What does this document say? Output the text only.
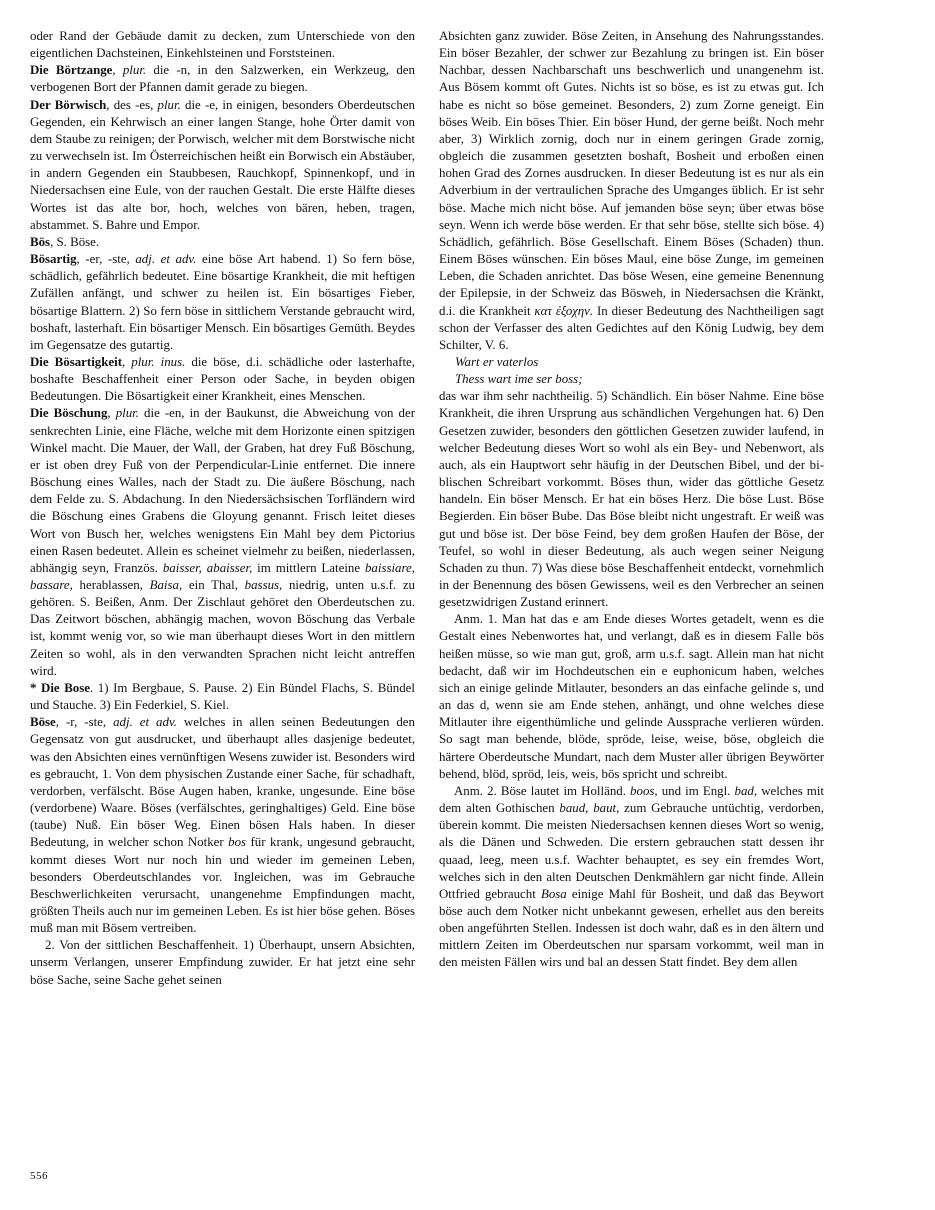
oder Rand der Gebäude damit zu decken, zum Unterschiede von den eigentlichen Dachsteinen, Einkehlsteinen und Forststeinen.

Die Börtzange, plur. die -n, in den Salzwerken, ein Werkzeug, den verbogenen Bort der Pfannen damit gerade zu biegen.

Der Börwisch, des -es, plur. die -e, in einigen, besonders Oberdeutschen Gegenden, ein Kehrwisch an einer langen Stange, hohe Örter damit von dem Staube zu reinigen; der Porwisch, welcher mit dem Borstwische nicht zu verwechseln ist. Im Österreichischen heißt ein Borwisch ein Abstäuber, in andern Gegenden ein Staubbesen, Rauchkopf, Spinnenkopf, und in Niedersachsen eine Eule, von der rauchen Gestalt. Die erste Hälfte dieses Wortes ist das alte bor, hoch, welches von bären, heben, tragen, abstammet. S. Bahre und Empor.

Bös, S. Böse.

Bösartig, -er, -ste, adj. et adv. eine böse Art habend. 1) So fern böse, schädlich, gefährlich bedeutet. Eine bösartige Krankheit, die mit heftigen Zufällen anfängt, und schwer zu heilen ist. Ein bösartiges Fieber, bösartige Blattern. 2) So fern böse in sittlichem Verstande gebraucht wird, boshaft, lasterhaft. Ein bösartiger Mensch. Ein bösartiges Gemüth. Beydes im Gegensatze des gutartig.

Die Bösartigkeit, plur. inus. die böse, d.i. schädliche oder lasterhafte, boshafte Beschaffenheit einer Person oder Sache, in beyden obigen Bedeutungen. Die Bösartigkeit einer Krankheit, eines Menschen.

Die Böschung, plur. die -en, in der Baukunst, die Abweichung von der senkrechten Linie, eine Fläche, welche mit dem Horizonte einen spitzigen Winkel macht. Die Mauer, der Wall, der Graben, hat drey Fuß Böschung, er ist oben drey Fuß von der Perpendicular-Linie entfernet. Die innere Böschung eines Walles, nach der Stadt zu. Die äußere Böschung, nach dem Felde zu. S. Abdachung. In den Niedersächsischen Torfländern wird die Böschung eines Grabens die Gloyung genannt. Frisch leitet dieses Wort von Busch her, welches wenigstens Ein Mahl bey dem Pictorius einen Rasen bedeutet. Allein es scheinet vielmehr zu beißen, niederlassen, abhängig seyn, Französ. baisser, abaisser, im mittlern Lateine baissiare, bassare, herablassen, Baisa, ein Thal, bassus, niedrig, unten u.s.f. zu gehören. S. Beißen, Anm. Der Zischlaut gehöret den Oberdeutschen zu. Das Zeitwort böschen, abhängig machen, wovon Böschung das Verbale ist, kommt wenig vor, so wie man überhaupt dieses Wort in den mittlern Zeiten so wohl, als in den verwandten Sprachen nicht leicht antreffen wird.

* Die Bose. 1) Im Bergbaue, S. Pause. 2) Ein Bündel Flachs, S. Bündel und Stauche. 3) Ein Federkiel, S. Kiel.

Böse, -r, -ste, adj. et adv. welches in allen seinen Bedeutungen den Gegensatz von gut ausdrucket, und überhaupt alles dasjenige bedeutet, was den Absichten eines vernünftigen Wesens zuwider ist. Besonders wird es gebraucht, 1. Von dem physischen Zustande einer Sache, für schadhaft, verdorben, verfälscht. Böse Augen haben, kranke, ungesunde. Eine böse (verdorbene) Waare. Böses (verfälschtes, geringhaltiges) Geld. Eine böse (taube) Nuß. Ein böser Weg. Einen bösen Hals haben. In dieser Bedeutung, in welcher schon Notker bos für krank, ungesund gebraucht, kommt dieses Wort nur noch hin und wieder im gemeinen Leben, besonders Oberdeutschlandes vor. Ingleichen, was im Gebrauche Beschwerlichkeiten verursacht, unangenehme Empfindungen macht, größten Theils auch nur im gemeinen Leben. Es ist hier böse gehen. Böses muß man mit Bösem vertreiben.

2. Von der sittlichen Beschaffenheit. 1) Überhaupt, unsern Absichten, unserm Verlangen, unserer Empfindung zuwider. Er hat jetzt eine sehr böse Sache, seine Sache gehet seinen

Absichten ganz zuwider. Böse Zeiten, in Ansehung des Nahrungsstandes. Ein böser Bezahler, der schwer zur Bezahlung zu bringen ist. Ein böser Nachbar, dessen Nachbarschaft uns beschwerlich und unangenehm ist. Aus Bösem kommt oft Gutes. Nichts ist so böse, es ist zu etwas gut. Ich habe es nicht so böse gemeinet. Besonders, 2) zum Zorne geneigt. Ein böses Weib. Ein böses Thier. Ein böser Hund, der gerne beißt. Noch mehr aber, 3) Wirklich zornig, doch nur in einem geringen Grade zornig, obgleich die zusammen gesetzten boshaft, Bosheit und erboßen einen hohen Grad des Zornes ausdrucken. In dieser Bedeutung ist es nur als ein Adverbium in der vertraulichen Sprache des Umganges üblich. Er ist sehr böse. Mache mich nicht böse. Auf jemanden böse seyn; über etwas böse seyn. Wenn ich werde böse werden. Er that sehr böse, stellte sich böse. 4) Schädlich, gefährlich. Böse Gesellschaft. Einem Böses (Schaden) thun. Einem Böses wünschen. Ein böses Maul, eine böse Zunge, im gemeinen Leben, die Schaden anrichtet. Das böse Wesen, eine gemeine Benennung der Epilepsie, in der Schweiz das Bösweh, in Niedersachsen die Kränkt, d.i. die Krankheit κατ ἐξοχην. In dieser Bedeutung des Nachtheiligen sagt schon der Verfasser des alten Gedichtes auf den König Ludwig, bey dem Schilter, V. 6.

Wart er vaterlos

Thess wart ime ser boss;

das war ihm sehr nachtheilig. 5) Schändlich. Ein böser Nahme. Eine böse Krankheit, die ihren Ursprung aus schändlichen Vergehungen hat. 6) Den Gesetzen zuwider, besonders den göttlichen Gesetzen zuwider laufend, in welcher Bedeutung dieses Wort so wohl als ein Bey- und Nebenwort, als auch, als ein Hauptwort sehr häufig in der Deutschen Bibel, und der biblischen Schreibart vorkommt. Böses thun, wider das göttliche Gesetz handeln. Ein böser Mensch. Er hat ein böses Herz. Die böse Lust. Böse Begierden. Ein böser Bube. Das Böse bleibt nicht ungestraft. Er weiß was gut und böse ist. Der böse Feind, bey dem großen Haufen der Böse, der Teufel, so wohl in dieser Bedeutung, als auch wegen seiner Neigung Schaden zu thun. 7) Was diese böse Beschaffenheit entdeckt, vornehmlich in der Benennung des bösen Gewissens, weil es den Verbrecher an seinen gesetzwidrigen Zustand erinnert.

Anm. 1. Man hat das e am Ende dieses Wortes getadelt, wenn es die Gestalt eines Nebenwortes hat, und verlangt, daß es in diesem Falle bös heißen müsse, so wie man gut, groß, arm u.s.f. sagt. Allein man hat nicht bedacht, daß wir im Hochdeutschen ein e euphonicum haben, welches sich an einige gelinde Mitlauter, besonders an das einfache gelinde s, und an das d, wenn sie am Ende stehen, anhängt, und ohne welches diese Mitlauter ihre eigenthümliche und gelinde Aussprache verlieren würden. So sagt man behende, blöde, spröde, leise, weise, böse, obgleich die härtere Oberdeutsche Mundart, nach dem Muster aller übrigen Beywörter behend, blöd, spröd, leis, weis, bös spricht und schreibt.

Anm. 2. Böse lautet im Holländ. boos, und im Engl. bad, welches mit dem alten Gothischen baud, baut, zum Gebrauche untüchtig, verdorben, überein kommt. Die meisten Niedersachsen kennen dieses Wort so wenig, als die Dänen und Schweden. Die erstern gebrauchen statt dessen ihr quaad, leeg, meen u.s.f. Wachter behauptet, es sey ein fremdes Wort, welches sich in den alten Deutschen Denkmählern gar nicht finde. Allein Ottfried gebraucht Bosa einige Mahl für Bosheit, und daß das Beywort böse auch dem Notker nicht unbekannt gewesen, erhellet aus den bereits oben angeführten Stellen. Indessen ist doch wahr, daß es in den ältern und mittlern Zeiten im Oberdeutschen nur sparsam vorkommt, weil man in den meisten Fällen wirs und bal an dessen Statt findet. Bey dem allen

556
